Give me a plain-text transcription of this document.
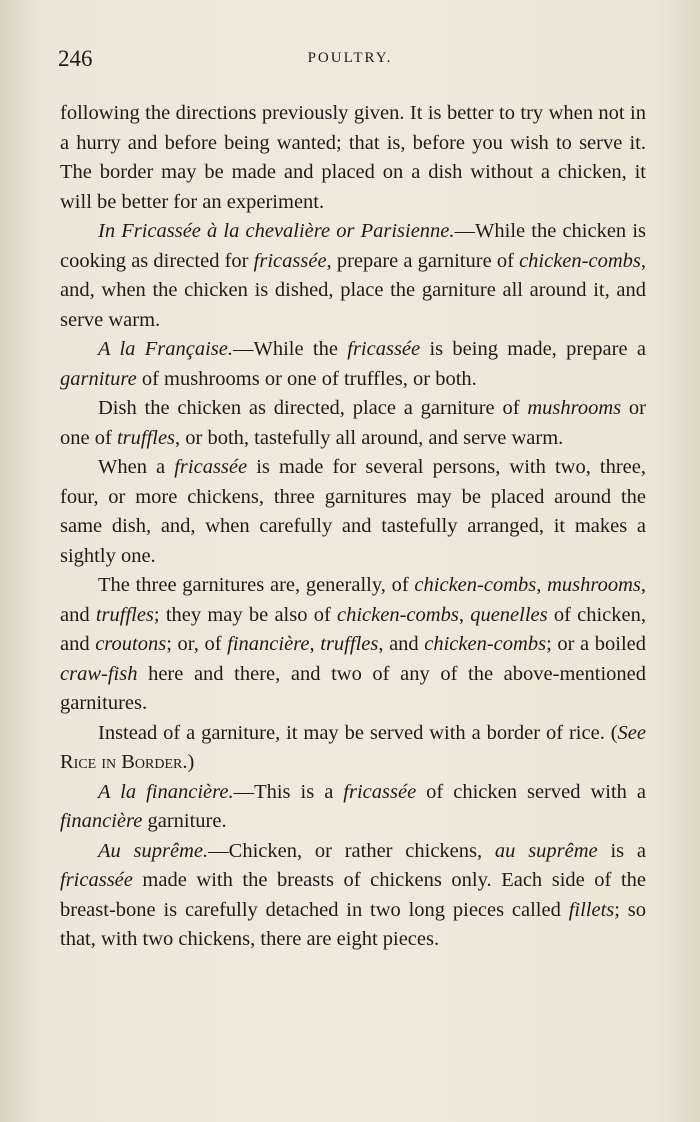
246	POULTRY.

following the directions previously given. It is better to try when not in a hurry and before being wanted; that is, before you wish to serve it. The border may be made and placed on a dish without a chicken, it will be better for an experiment.

In Fricassée à la chevalière or Parisienne.—While the chicken is cooking as directed for fricassée, prepare a garniture of chicken-combs, and, when the chicken is dished, place the garniture all around it, and serve warm.

A la Française.—While the fricassée is being made, prepare a garniture of mushrooms or one of truffles, or both.

Dish the chicken as directed, place a garniture of mushrooms or one of truffles, or both, tastefully all around, and serve warm.

When a fricassée is made for several persons, with two, three, four, or more chickens, three garnitures may be placed around the same dish, and, when carefully and tastefully arranged, it makes a sightly one.

The three garnitures are, generally, of chicken-combs, mushrooms, and truffles; they may be also of chicken-combs, quenelles of chicken, and croutons; or, of financière, truffles, and chicken-combs; or a boiled craw-fish here and there, and two of any of the above-mentioned garnitures.

Instead of a garniture, it may be served with a border of rice. (See Rice in Border.)

A la financière.—This is a fricassée of chicken served with a financière garniture.

Au suprême.—Chicken, or rather chickens, au suprême is a fricassée made with the breasts of chickens only. Each side of the breast-bone is carefully detached in two long pieces called fillets; so that, with two chickens, there are eight pieces.
